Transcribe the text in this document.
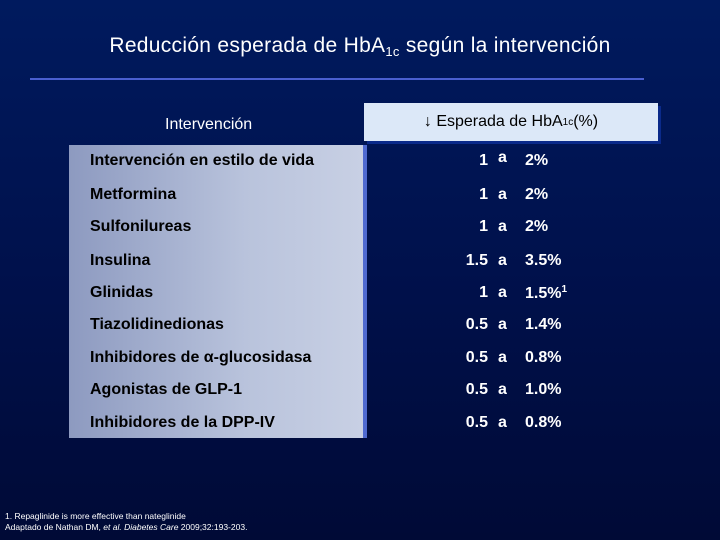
Reducción esperada de HbA$_{1c}$ según la intervención
Intervención	↓ Esperada de HbA 1c (%)
Intervención en estilo de vida	1 a 2%
Metformina	1 a 2%
Sulfonilureas	1 a 2%
Insulina	1.5 a 3.5%
Glinidas	1 a 1.5%$^1$
Tiazolidinedionas	0.5 a 1.4%
Inhibidores de α-glucosidasa	0.5 a 0.8%
Agonistas de GLP-1	0.5 a 1.0%
Inhibidores de la DPP-IV	0.5 a 0.8%
1. Repaglinide is more effective than nateglinide
Adaptado de Nathan DM, et al. Diabetes Care 2009;32:193-203.
